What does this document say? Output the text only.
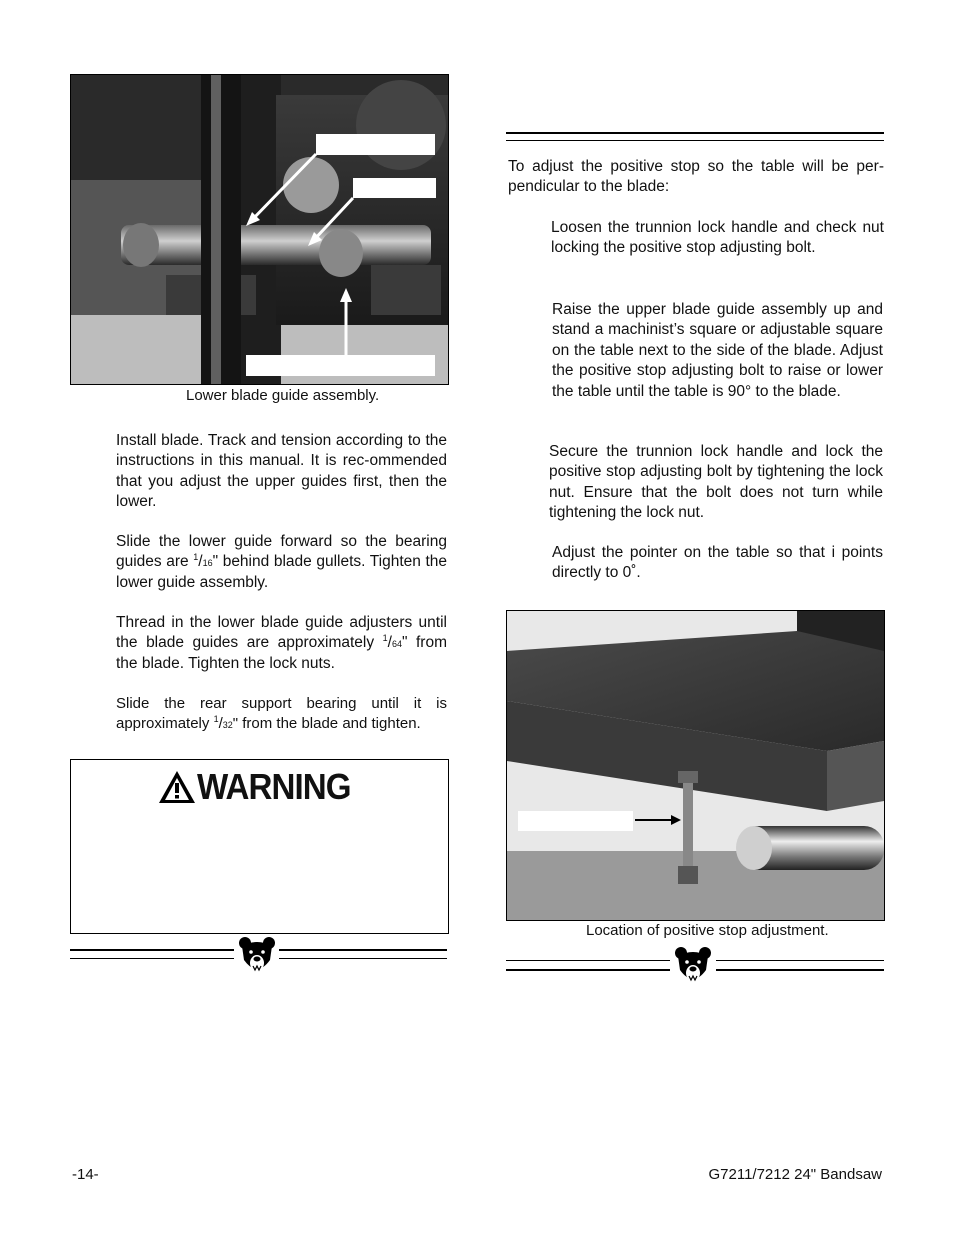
Lower blade guide assembly.

Install blade. Track and tension according to the instructions in this manual. It is rec-ommended that you adjust the upper guides first, then the lower.

Slide the lower guide forward so the bearing guides are $^1$/16" behind blade gullets. Tighten the lower guide assembly.

Thread in the lower blade guide adjusters until the blade guides are approximately $^1$/64" from the blade. Tighten the lock nuts.

Slide the rear support bearing until it is approximately $^1$/32" from the blade and tighten.

WARNING

To adjust the positive stop so the table will be per-pendicular to the blade:

Loosen the trunnion lock handle and check nut locking the positive stop adjusting bolt.

Raise the upper blade guide assembly up and stand a machinist’s square or adjustable square on the table next to the side of the blade. Adjust the positive stop adjusting bolt to raise or lower the table until the table is 90° to the blade.

Secure the trunnion lock handle and lock the positive stop adjusting bolt by tightening the lock nut. Ensure that the bolt does not turn while tightening the lock nut.

Adjust the pointer on the table so that i points directly to 0˚.

Location of positive stop adjustment.
-14-	G7211/7212 24" Bandsaw
